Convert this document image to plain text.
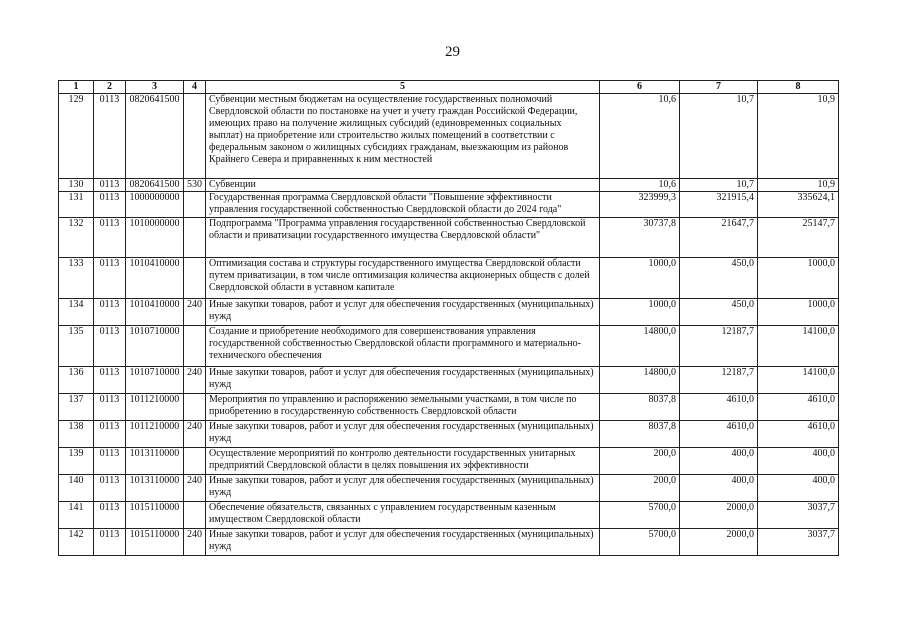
29
1	2	3	4	5	6	7	8
129	0113	0820641500		Субвенции местным бюджетам на осуществление государственных полномочий Свердловской области по постановке на учет и учету граждан Российской Федерации, имеющих право на получение жилищных субсидий (единовременных социальных выплат) на приобретение или строительство жилых помещений в соответствии с федеральным законом о жилищных субсидиях гражданам, выезжающим из районов Крайнего Севера и приравненных к ним местностей	10,6	10,7	10,9
130	0113	0820641500	530	Субвенции	10,6	10,7	10,9
131	0113	1000000000		Государственная программа Свердловской области "Повышение эффективности управления государственной собственностью Свердловской области до 2024 года"	323999,3	321915,4	335624,1
132	0113	1010000000		Подпрограмма "Программа управления государственной собственностью Свердловской области и приватизации государственного имущества Свердловской области"	30737,8	21647,7	25147,7
133	0113	1010410000		Оптимизация состава и структуры государственного имущества Свердловской области путем приватизации, в том числе оптимизация количества акционерных обществ с долей Свердловской области в уставном капитале	1000,0	450,0	1000,0
134	0113	1010410000	240	Иные закупки товаров, работ и услуг для обеспечения государственных (муниципальных) нужд	1000,0	450,0	1000,0
135	0113	1010710000		Создание и приобретение необходимого для совершенствования управления государственной собственностью Свердловской области программного и материально-технического обеспечения	14800,0	12187,7	14100,0
136	0113	1010710000	240	Иные закупки товаров, работ и услуг для обеспечения государственных (муниципальных) нужд	14800,0	12187,7	14100,0
137	0113	1011210000		Мероприятия по управлению и распоряжению земельными участками, в том числе по приобретению в государственную собственность Свердловской области	8037,8	4610,0	4610,0
138	0113	1011210000	240	Иные закупки товаров, работ и услуг для обеспечения государственных (муниципальных) нужд	8037,8	4610,0	4610,0
139	0113	1013110000		Осуществление мероприятий по контролю деятельности государственных унитарных предприятий Свердловской области в целях повышения их эффективности	200,0	400,0	400,0
140	0113	1013110000	240	Иные закупки товаров, работ и услуг для обеспечения государственных (муниципальных) нужд	200,0	400,0	400,0
141	0113	1015110000		Обеспечение обязательств, связанных с управлением государственным казенным имуществом Свердловской области	5700,0	2000,0	3037,7
142	0113	1015110000	240	Иные закупки товаров, работ и услуг для обеспечения государственных (муниципальных) нужд	5700,0	2000,0	3037,7
